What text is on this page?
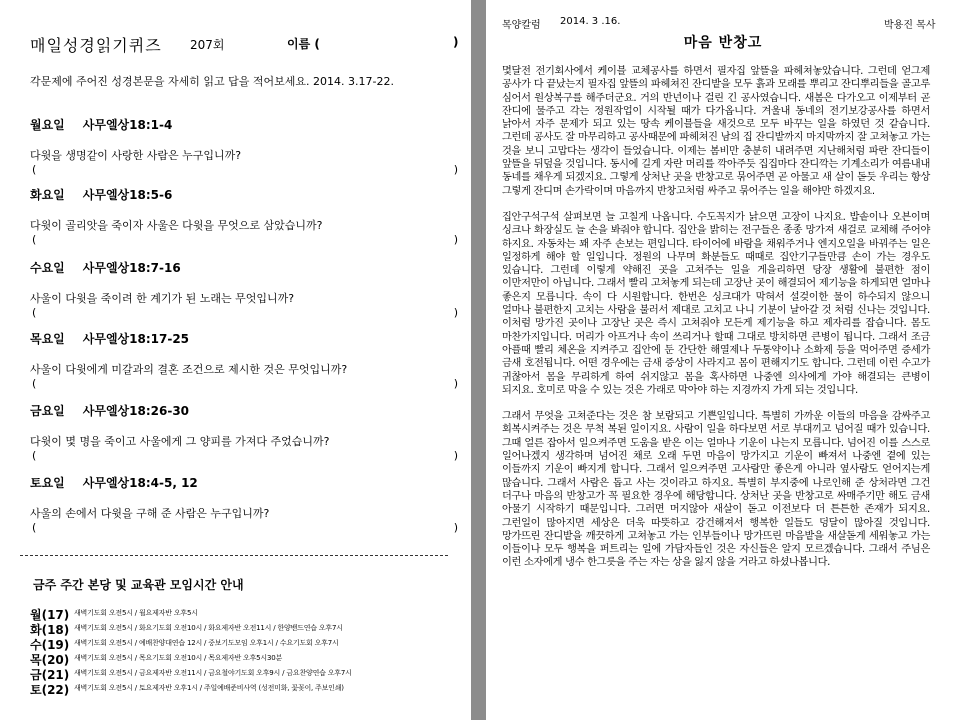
매일성경읽기퀴즈 207회	이름 (	)
각문제에 주어진 성경본문을 자세히 읽고 답을 적어보세요. 2014. 3.17-22.
월요일 사무엘상18:1-4
다윗을 생명같이 사랑한 사람은 누구입니까?
(	)
화요일 사무엘상18:5-6
다윗이 골리앗을 죽이자 사울은 다윗을 무엇으로 삼았습니까?
(	)
수요일 사무엘상18:7-16
사울이 다윗을 죽이려 한 계기가 된 노래는 무엇입니까?
(	)
목요일 사무엘상18:17-25
사울이 다윗에게 미갈과의 결혼 조건으로 제시한 것은 무엇입니까?
(	)
금요일 사무엘상18:26-30
다윗이 몇 명을 죽이고 사울에게 그 양피를 가져다 주었습니까?
(	)
토요일 사무엘상18:4-5, 12
사울의 손에서 다윗을 구해 준 사람은 누구입니까?
(	)
금주 주간 본당 및 교육관 모임시간 안내
월(17) 새벽기도회 오전5시 / 월요제자반 오후5시
화(18) 새벽기도회 오전5시 / 화요기도회 오전10시 / 화요제자반 오전11시 / 한양밴드연습 오후7시
수(19) 새벽기도회 오전5시 / 예배찬양대연습 12시 / 중보기도모임 오후1시 / 수요기도회 오후7시
목(20) 새벽기도회 오전5시 / 목요기도회 오전10시 / 목요제자반 오후5시30분
금(21) 새벽기도회 오전5시 / 금요제자반 오전11시 / 금요철야기도회 오후9시 / 금요찬양연습 오후7시
토(22) 새벽기도회 오전5시 / 토요제자반 오후1시 / 주일예배준비사역 (성전미화, 꽃꽂이, 주보인쇄)
목양칼럼 2014. 3 .16.	박용진 목사
마음 반창고

몇달전 전기회사에서 케이블 교체공사를 하면서 필자집 앞뜰을 파헤쳐놓았습니다. 그런데 얻그제 공사가 다 끝났는지 필자집 앞뜰의 파헤쳐진 잔디밭을 모두 흙과 모래를 뿌리고 잔디뿌리들을 골고루 심어서 원상복구를 해주더군요. 거의 반년이나 걸린 긴 공사였습니다. 새봄은 다가오고 이제부터 곧 잔디에 물주고 각는 정원작업이 시작될 때가 다가옵니다. 겨울내 동네의 전기보강공사를 하면서 낡아서 자주 문제가 되고 있는 땅속 케이블들을 새것으로 모두 바꾸는 일을 하였던 것 같습니다. 그런데 공사도 잘 마무리하고 공사때문에 파헤쳐진 남의 집 잔디밭까지 마지막까지 잘 고쳐놓고 가는 것을 보니 고맙다는 생각이 들었습니다. 이제는 봄비만 충분히 내려주면 지난해처럼 파란 잔디들이 앞뜰을 뒤덮을 것입니다. 동시에 길게 자란 머리를 깍아주듯 집집마다 잔디깍는 기계소리가 여름내내 동네를 채우게 되겠지요. 그렇게 상처난 곳을 반창고로 묶어주면 곧 아물고 새 살이 돋듯 우리는 항상 그렇게 잔디며 손가락이며 마음까지 반창고처럼 싸주고 묶어주는 일을 해야만 하겠지요.

집안구석구석 살펴보면 늘 고칠게 나옵니다. 수도꼭지가 낡으면 고장이 나지요. 밥솥이나 오븐이며 싱크나 화장실도 늘 손을 봐줘야 합니다. 집안을 밝히는 전구들은 종종 망가져 새걸로 교체해 주어야 하지요. 자동차는 꽤 자주 손보는 편입니다. 타이어에 바람을 채워주거나 엔지오일을 바꿔주는 일은 일정하게 해야 할 일입니다. 정원의 나무며 화분들도 때때로 집안기구들만큼 손이 가는 경우도 있습니다. 그런데 이렇게 약해진 곳을 고쳐주는 일을 게을리하면 당장 생활에 불편한 점이 이만저만이 아닙니다. 그래서 빨리 고쳐놓게 되는데 고장난 곳이 해결되어 제기능을 하게되면 얼마나 좋은지 모릅니다. 속이 다 시원합니다. 한번은 싱크대가 막혀서 설겆이한 물이 하수되지 않으니 얼마나 불편한지 고치는 사람을 불러서 제대로 고치고 나니 기분이 날아갈 것 처럼 신나는 것입니다. 이처럼 망가진 곳이나 고장난 곳은 즉시 고쳐줘야 모든게 제기능을 하고 제자리를 잡습니다. 몸도 마찬가지입니다. 머리가 아프거나 속이 쓰리거나 할때 그대로 방치하면 큰병이 됩니다. 그래서 조금 아플때 빨리 체온을 지켜주고 집안에 둔 간단한 해열제나 두통약이나 소화제 등을 먹어주면 증세가 금새 호전됩니다. 어떤 경우에는 금새 증상이 사라지고 몸이 편해지기도 합니다. 그런데 이런 수고가 귀찮아서 몸을 무리하게 하여 쉬지않고 몸을 혹사하면 나중엔 의사에게 가야 해결되는 큰병이 되지요. 호미로 막을 수 있는 것은 가래로 막아야 하는 지경까지 가게 되는 것입니다.

그래서 무엇을 고쳐준다는 것은 참 보람되고 기쁜일입니다. 특별히 가까운 이들의 마음을 감싸주고 회복시켜주는 것은 무척 복된 일이지요. 사람이 일을 하다보면 서로 부대끼고 넘어질 때가 있습니다. 그때 얼른 잡아서 일으켜주면 도움을 받은 이는 얼마나 기운이 나는지 모릅니다. 넘어진 이를 스스로 일어나겠지 생각하며 넘어진 채로 오래 두면 마음이 망가지고 기운이 빠져서 나중엔 곁에 있는 이들까지 기운이 빠지게 합니다. 그래서 일으켜주면 고사람만 좋은게 아니라 옆사람도 얻어지는게 많습니다. 그래서 사람은 돕고 사는 것이라고 하지요. 특별히 부지중에 나로인해 준 상처라면 그건 더구나 마음의 반창고가 꼭 필요한 경우에 해당합니다. 상처난 곳을 반창고로 싸매주기만 해도 금새 아물기 시작하기 때문입니다. 그러면 머지않아 새살이 돋고 이전보다 더 튼튼한 존재가 되지요. 그런일이 많아지면 세상은 더욱 따뜻하고 강건해져서 행복한 일들도 덩달이 많아질 것입니다. 망가뜨린 잔디밭을 깨끗하게 고쳐놓고 가는 인부들이나 망가뜨린 마음밭을 새살돋게 세워놓고 가는 이들이나 모두 행복을 퍼트리는 일에 가담자들인 것은 자신들은 알지 모르겠습니다. 그래서 주님은 이런 소자에게 냉수 한그릇을 주는 자는 상을 잃지 않을 거라고 하셨나봅니다.
